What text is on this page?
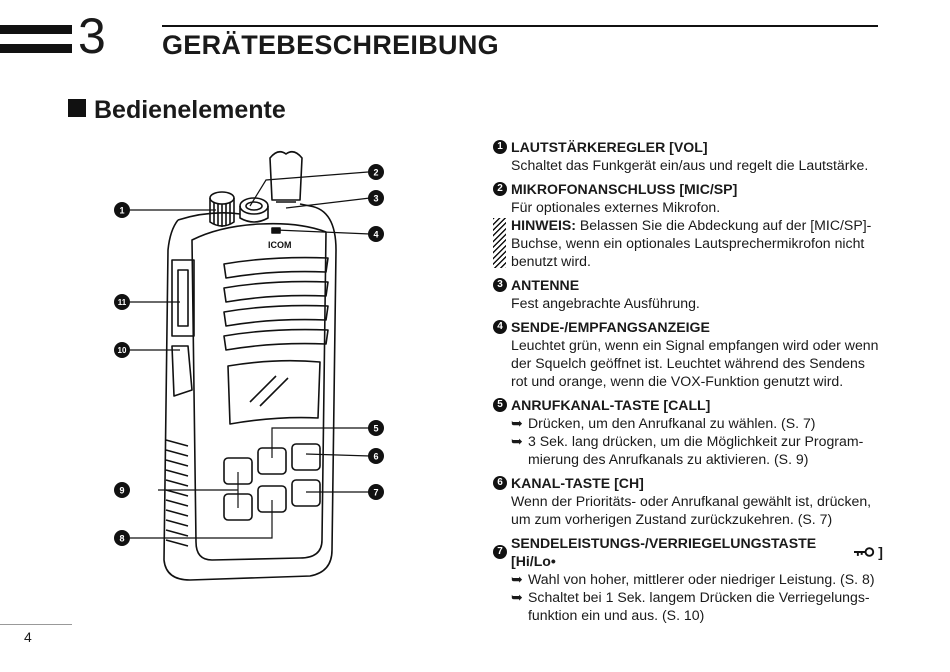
3 GERÄTEBESCHREIBUNG
Bedienelemente
ICOM
1
2
3
4
5
6
7
8
9
10
11
1 LAUTSTÄRKEREGLER [VOL]
Schaltet das Funkgerät ein/aus und regelt die Lautstärke.
2 MIKROFONANSCHLUSS [MIC/SP]
Für optionales externes Mikrofon.
HINWEIS: Belassen Sie die Abdeckung auf der [MIC/SP]-Buchse, wenn ein optionales Lautsprechermikrofon nicht benutzt wird.
3 ANTENNE
Fest angebrachte Ausführung.
4 SENDE-/EMPFANGSANZEIGE
Leuchtet grün, wenn ein Signal empfangen wird oder wenn der Squelch geöffnet ist. Leuchtet während des Sendens rot und orange, wenn die VOX-Funktion genutzt wird.
5 ANRUFKANAL-TASTE [CALL]
➥ Drücken, um den Anrufkanal zu wählen. (S. 7)
➥ 3 Sek. lang drücken, um die Möglichkeit zur Program-mierung des Anrufkanals zu aktivieren. (S. 9)
6 KANAL-TASTE [CH]
Wenn der Prioritäts- oder Anrufkanal gewählt ist, drücken, um zum vorherigen Zustand zurückzukehren. (S. 7)
7
SENDELEISTUNGS-/VERRIEGELUNGSTASTE [Hi/Lo•
]
➥ Wahl von hoher, mittlerer oder niedriger Leistung. (S. 8)
➥ Schaltet bei 1 Sek. langem Drücken die Verriegelungs-funktion ein und aus. (S. 10)
4
